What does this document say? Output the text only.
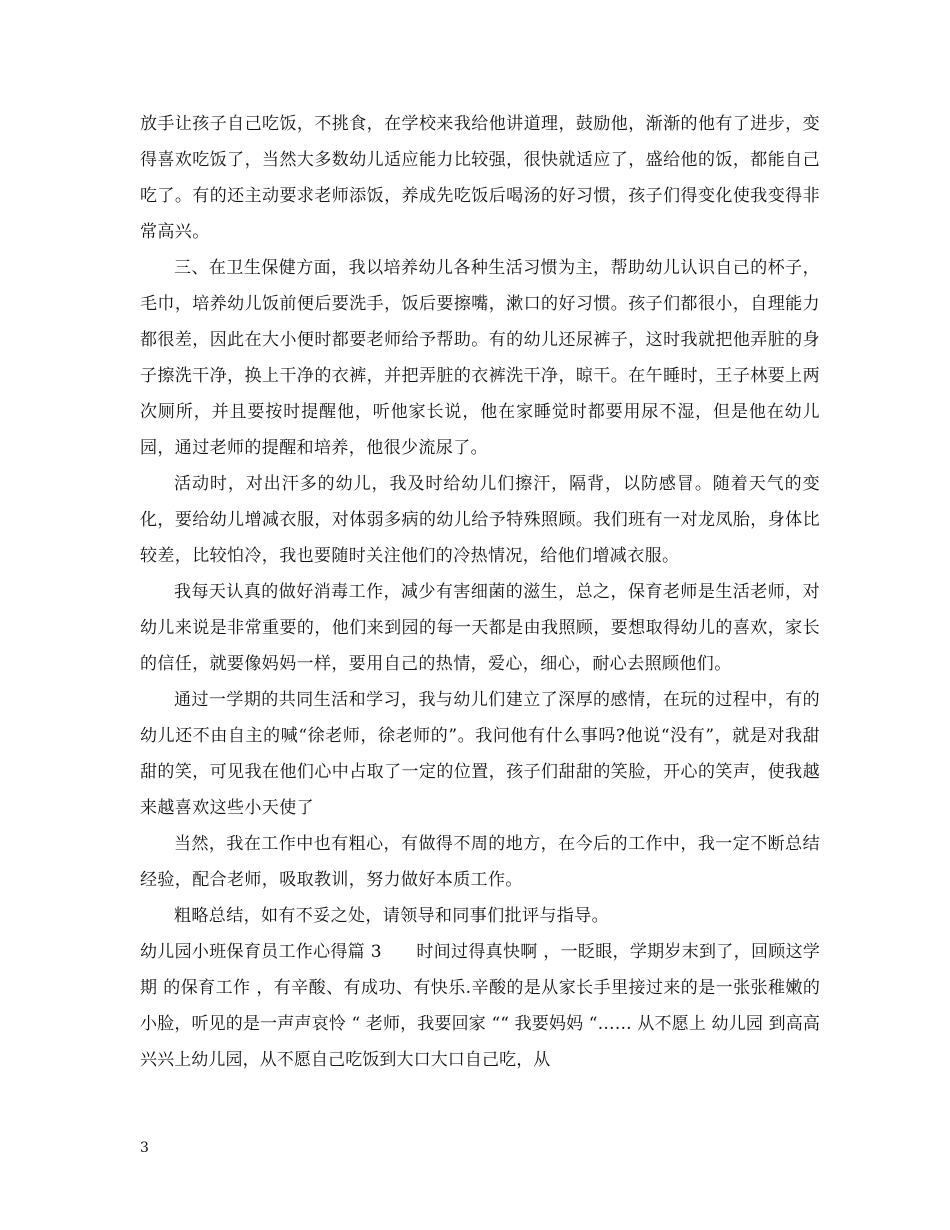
放手让孩子自己吃饭，不挑食，在学校来我给他讲道理，鼓励他，渐渐的他有了进步，变得喜欢吃饭了，当然大多数幼儿适应能力比较强，很快就适应了，盛给他的饭，都能自己吃了。有的还主动要求老师添饭，养成先吃饭后喝汤的好习惯，孩子们得变化使我变得非常高兴。

三、在卫生保健方面，我以培养幼儿各种生活习惯为主，帮助幼儿认识自己的杯子，毛巾，培养幼儿饭前便后要洗手，饭后要擦嘴，漱口的好习惯。孩子们都很小，自理能力都很差，因此在大小便时都要老师给予帮助。有的幼儿还尿裤子，这时我就把他弄脏的身子擦洗干净，换上干净的衣裤，并把弄脏的衣裤洗干净，晾干。在午睡时，王子林要上两次厕所，并且要按时提醒他，听他家长说，他在家睡觉时都要用尿不湿，但是他在幼儿园，通过老师的提醒和培养，他很少流尿了。

活动时，对出汗多的幼儿，我及时给幼儿们擦汗，隔背，以防感冒。随着天气的变化，要给幼儿增减衣服，对体弱多病的幼儿给予特殊照顾。我们班有一对龙凤胎，身体比较差，比较怕冷，我也要随时关注他们的冷热情况，给他们增减衣服。

我每天认真的做好消毒工作，减少有害细菌的滋生，总之，保育老师是生活老师，对幼儿来说是非常重要的，他们来到园的每一天都是由我照顾，要想取得幼儿的喜欢，家长的信任，就要像妈妈一样，要用自己的热情，爱心，细心，耐心去照顾他们。

通过一学期的共同生活和学习，我与幼儿们建立了深厚的感情，在玩的过程中，有的幼儿还不由自主的喊“徐老师，徐老师的”。我问他有什么事吗?他说“没有”，就是对我甜甜的笑，可见我在他们心中占取了一定的位置，孩子们甜甜的笑脸，开心的笑声，使我越来越喜欢这些小天使了

当然，我在工作中也有粗心，有做得不周的地方，在今后的工作中，我一定不断总结经验，配合老师，吸取教训，努力做好本质工作。

粗略总结，如有不妥之处，请领导和同事们批评与指导。

幼儿园小班保育员工作心得篇 3　　时间过得真快啊 ，一眨眼，学期岁末到了，回顾这学期 的保育工作 ，有辛酸、有成功、有快乐.辛酸的是从家长手里接过来的是一张张稚嫩的小脸，听见的是一声声哀怜 “ 老师，我要回家 ““ 我要妈妈 “…… 从不愿上 幼儿园 到高高兴兴上幼儿园，从不愿自己吃饭到大口大口自己吃，从

3
